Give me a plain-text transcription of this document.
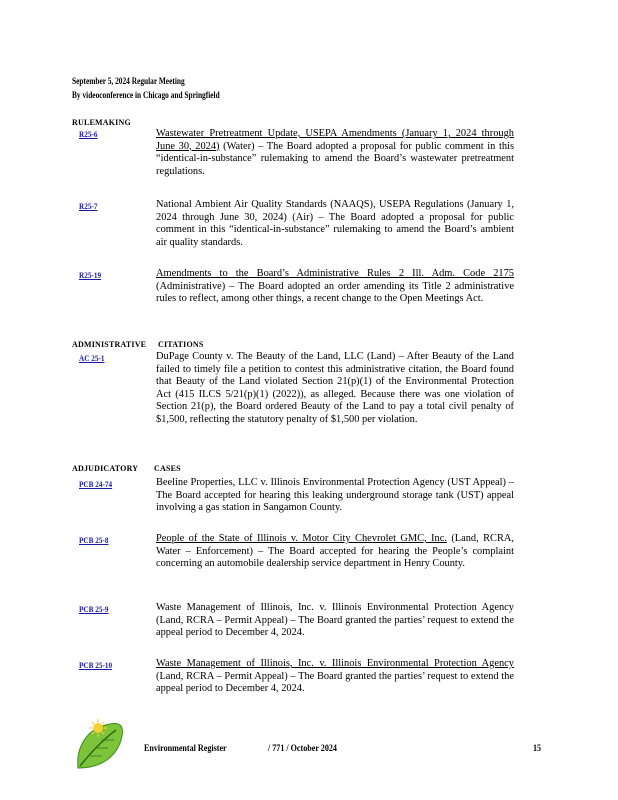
September 5, 2024 Regular Meeting
By videoconference in Chicago and Springfield
RULEMAKING
R25-6	Wastewater Pretreatment Update, USEPA Amendments (January 1, 2024 through June 30, 2024) (Water) – The Board adopted a proposal for public comment in this “identical-in-substance” rulemaking to amend the Board’s wastewater pretreatment regulations.
R25-7	National Ambient Air Quality Standards (NAAQS), USEPA Regulations (January 1, 2024 through June 30, 2024) (Air) – The Board adopted a proposal for public comment in this “identical-in-substance” rulemaking to amend the Board’s ambient air quality standards.
R25-19	Amendments to the Board’s Administrative Rules 2 Ill. Adm. Code 2175 (Administrative) – The Board adopted an order amending its Title 2 administrative rules to reflect, among other things, a recent change to the Open Meetings Act.
ADMINISTRATIVE CITATIONS
AC 25-1	DuPage County v. The Beauty of the Land, LLC (Land) – After Beauty of the Land failed to timely file a petition to contest this administrative citation, the Board found that Beauty of the Land violated Section 21(p)(1) of the Environmental Protection Act (415 ILCS 5/21(p)(1) (2022)), as alleged. Because there was one violation of Section 21(p), the Board ordered Beauty of the Land to pay a total civil penalty of $1,500, reflecting the statutory penalty of $1,500 per violation.
ADJUDICATORY CASES
PCB 24-74	Beeline Properties, LLC v. Illinois Environmental Protection Agency (UST Appeal) – The Board accepted for hearing this leaking underground storage tank (UST) appeal involving a gas station in Sangamon County.
PCB 25-8	People of the State of Illinois v. Motor City Chevrolet GMC, Inc. (Land, RCRA, Water – Enforcement) – The Board accepted for hearing the People’s complaint concerning an automobile dealership service department in Henry County.
PCB 25-9	Waste Management of Illinois, Inc. v. Illinois Environmental Protection Agency (Land, RCRA – Permit Appeal) – The Board granted the parties’ request to extend the appeal period to December 4, 2024.
PCB 25-10	Waste Management of Illinois, Inc. v. Illinois Environmental Protection Agency (Land, RCRA – Permit Appeal) – The Board granted the parties’ request to extend the appeal period to December 4, 2024.
Environmental Register	/ 771 / October 2024	15
